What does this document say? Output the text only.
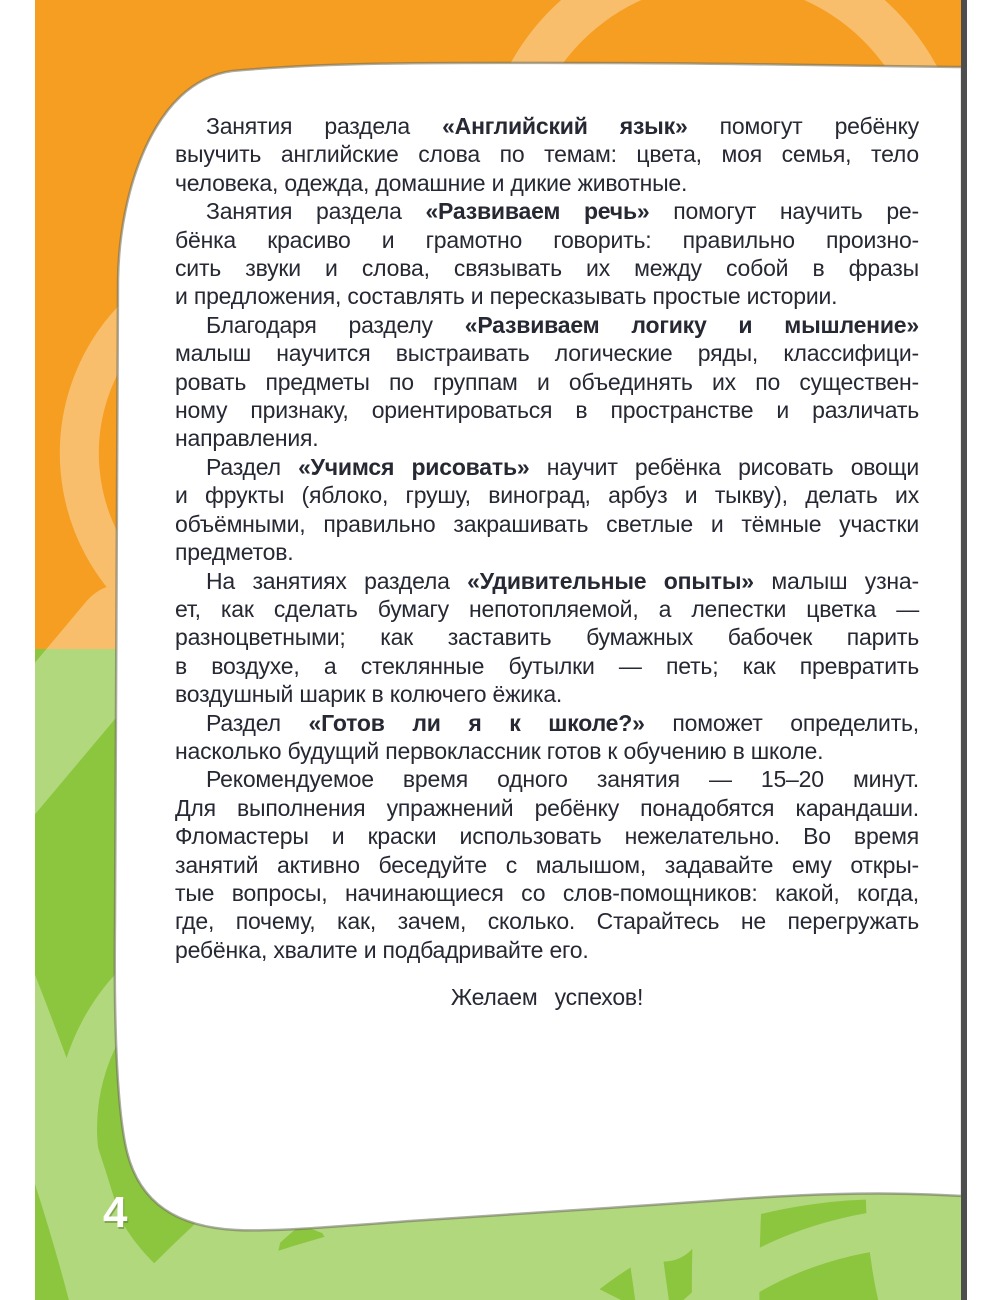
Занятия раздела «Английский язык» помогут ребёнку
выучить английские слова по темам: цвета, моя семья, тело
человека, одежда, домашние и дикие животные.
Занятия раздела «Развиваем речь» помогут научить ре-
бёнка красиво и грамотно говорить: правильно произно-
сить звуки и слова, связывать их между собой в фразы
и предложения, составлять и пересказывать простые истории.
Благодаря разделу «Развиваем логику и мышление»
малыш научится выстраивать логические ряды, классифици-
ровать предметы по группам и объединять их по существен-
ному признаку, ориентироваться в пространстве и различать
направления.
Раздел «Учимся рисовать» научит ребёнка рисовать овощи
и фрукты (яблоко, грушу, виноград, арбуз и тыкву), делать их
объёмными, правильно закрашивать светлые и тёмные участки
предметов.
На занятиях раздела «Удивительные опыты» малыш узна-
ет, как сделать бумагу непотопляемой, а лепестки цветка —
разноцветными; как заставить бумажных бабочек парить
в воздухе, а стеклянные бутылки — петь; как превратить
воздушный шарик в колючего ёжика.
Раздел «Готов ли я к школе?» поможет определить,
насколько будущий первоклассник готов к обучению в школе.
Рекомендуемое время одного занятия — 15–20 минут.
Для выполнения упражнений ребёнку понадобятся карандаши.
Фломастеры и краски использовать нежелательно. Во время
занятий активно беседуйте с малышом, задавайте ему откры-
тые вопросы, начинающиеся со слов-помощников: какой, когда,
где, почему, как, зачем, сколько. Старайтесь не перегружать
ребёнка, хвалите и подбадривайте его.
Желаем успехов!
4
